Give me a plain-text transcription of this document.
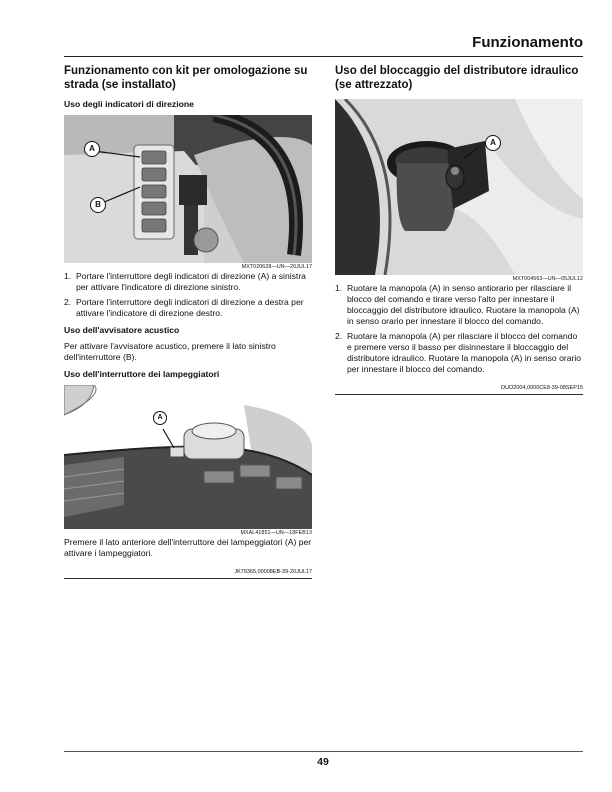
Funzionamento
Funzionamento con kit per omologazione su strada (se installato)
Uso degli indicatori di direzione
A
B
MXT020628—UN—20JUL17
1. Portare l'interruttore degli indicatori di direzione (A) a sinistra per attivare l'indicatore di direzione sinistro.
2. Portare l'interruttore degli indicatori di direzione a destra per attivare l'indicatore di direzione destro.
Uso dell'avvisatore acustico

Per attivare l'avvisatore acustico, premere il lato sinistro dell'interruttore (B).

Uso dell'interruttore dei lampeggiatori
A
MXAL41851—UN—18FEB13

Premere il lato anteriore dell'interruttore dei lampeggiatori (A) per attivare i lampeggiatori.

JK79365,00008EB-39-20JUL17
Uso del bloccaggio del distributore idraulico (se attrezzato)
A
MXT004563—UN—05JUL12
1. Ruotare la manopola (A) in senso antiorario per rilasciare il blocco del comando e tirare verso l'alto per innestare il bloccaggio del distributore idraulico. Ruotare la manopola (A) in senso orario per innestare il blocco del comando.
2. Ruotare la manopola (A) per rilasciare il blocco del comando e premere verso il basso per disinnestare il bloccaggio del distributore idraulico. Ruotare la manopola (A) in senso orario per innestare il blocco del comando.
OUO2004,0000CE8-39-08SEP15
49
